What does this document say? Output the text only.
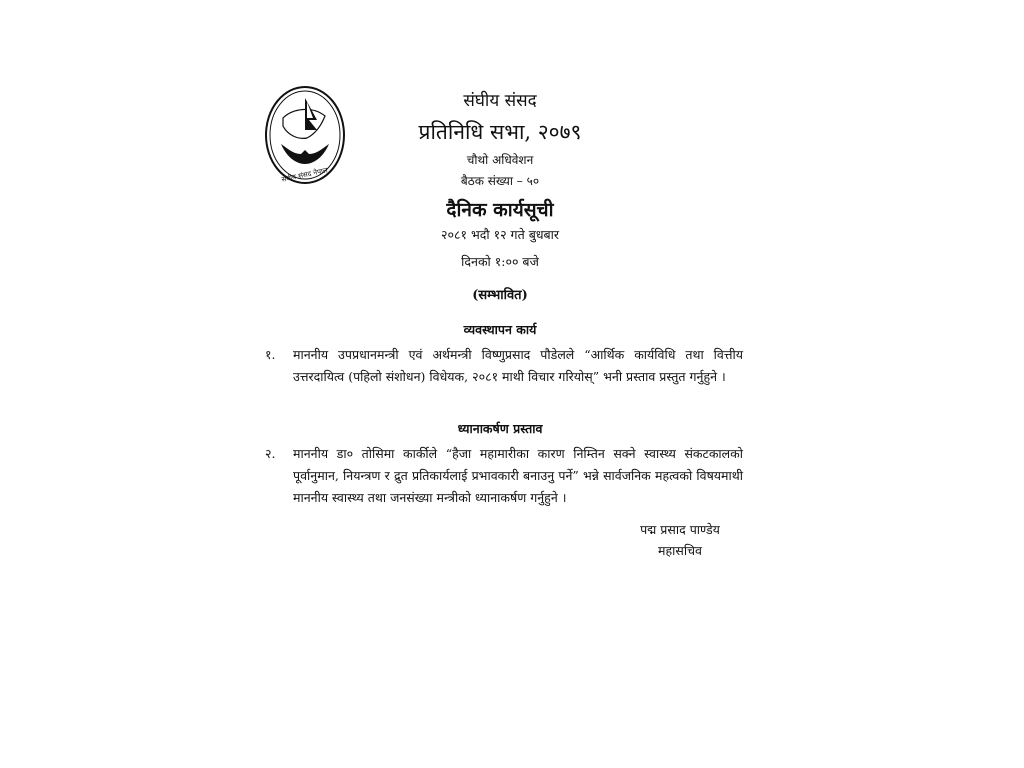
संघीय संसद नेपाल
संघीय संसद
प्रतिनिधि सभा, २०७९
चौथो अधिवेशन
बैठक संख्या – ५०
दैनिक कार्यसूची
२०८१ भदौ १२ गते बुधबार
दिनको १:०० बजे
(सम्भावित)
व्यवस्थापन कार्य
१.	माननीय उपप्रधानमन्त्री एवं अर्थमन्त्री विष्णुप्रसाद पौडेलले “आर्थिक कार्यविधि तथा वित्तीय उत्तरदायित्व (पहिलो संशोधन) विधेयक, २०८१ माथी विचार गरियोस्” भनी प्रस्ताव प्रस्तुत गर्नुहुने ।
ध्यानाकर्षण प्रस्ताव
२.	माननीय डा० तोसिमा कार्कीले “हैजा महामारीका कारण निम्तिन सक्ने स्वास्थ्य संकटकालको पूर्वानुमान, नियन्त्रण र द्रुत प्रतिकार्यलाई प्रभावकारी बनाउनु पर्ने” भन्ने सार्वजनिक महत्वको विषयमाथी माननीय स्वास्थ्य तथा जनसंख्या मन्त्रीको ध्यानाकर्षण गर्नुहुने ।
पद्म प्रसाद पाण्डेय
महासचिव
